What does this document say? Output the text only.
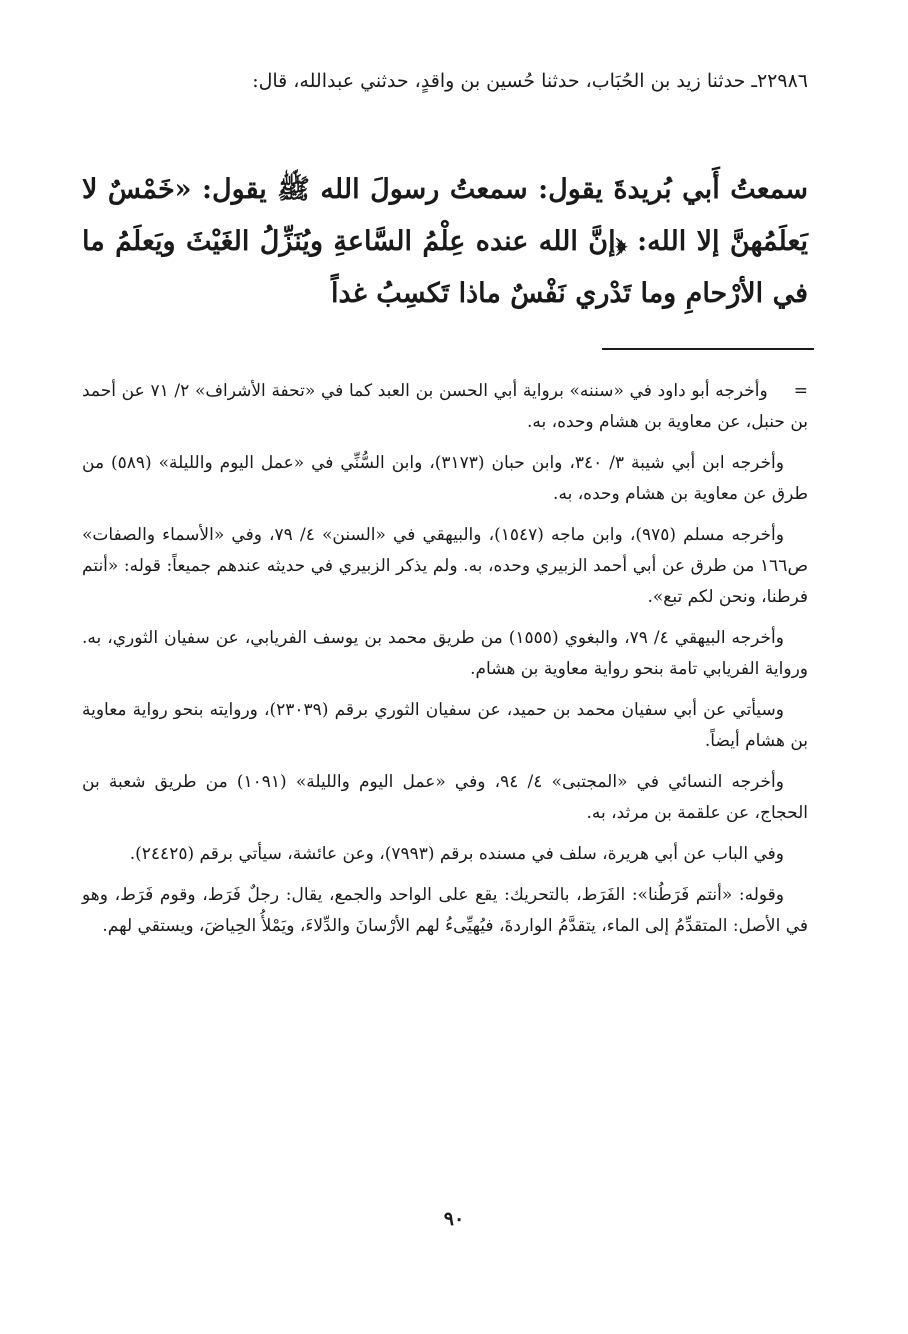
٢٢٩٨٦ـ حدثنا زيد بن الحُبَاب، حدثنا حُسين بن واقدٍ، حدثني عبدالله، قال:

سمعتُ أَبي بُريدةَ يقول: سمعتُ رسولَ الله ﷺ يقول: «خَمْسٌ لا يَعلَمُهنَّ إلا الله: ﴿إنَّ الله عنده عِلْمُ السَّاعةِ ويُنَزِّلُ الغَيْثَ ويَعلَمُ ما في الأرْحامِ وما تَدْري نَفْسٌ ماذا تَكسِبُ غداً

=وأخرجه أبو داود في «سننه» برواية أبي الحسن بن العبد كما في «تحفة الأشراف» ٢/ ٧١ عن أحمد بن حنبل، عن معاوية بن هشام وحده، به.

وأخرجه ابن أبي شيبة ٣/ ٣٤٠، وابن حبان (٣١٧٣)، وابن السُّنِّي في «عمل اليوم والليلة» (٥٨٩) من طرق عن معاوية بن هشام وحده، به.

وأخرجه مسلم (٩٧٥)، وابن ماجه (١٥٤٧)، والبيهقي في «السنن» ٤/ ٧٩، وفي «الأسماء والصفات» ص١٦٦ من طرق عن أبي أحمد الزبيري وحده، به. ولم يذكر الزبيري في حديثه عندهم جميعاً: قوله: «أنتم فرطنا، ونحن لكم تبع».

وأخرجه البيهقي ٤/ ٧٩، والبغوي (١٥٥٥) من طريق محمد بن يوسف الفريابي، عن سفيان الثوري، به. ورواية الفريابي تامة بنحو رواية معاوية بن هشام.

وسيأتي عن أبي سفيان محمد بن حميد، عن سفيان الثوري برقم (٢٣٠٣٩)، وروايته بنحو رواية معاوية بن هشام أيضاً.

وأخرجه النسائي في «المجتبى» ٤/ ٩٤، وفي «عمل اليوم والليلة» (١٠٩١) من طريق شعبة بن الحجاج، عن علقمة بن مرثد، به.

وفي الباب عن أبي هريرة، سلف في مسنده برقم (٧٩٩٣)، وعن عائشة، سيأتي برقم (٢٤٤٢٥).

وقوله: «أنتم فَرَطُنا»: الفَرَط، بالتحريك: يقع على الواحد والجمع، يقال: رجلٌ فَرَط، وقوم فَرَط، وهو في الأصل: المتقدِّمُ إلى الماء، يتقدَّمُ الواردةَ، فيُهيِّىءُ لهم الأرْسانَ والدِّلاءَ، ويَمْلأُ الحِياضَ، ويستقي لهم.

٩٠
